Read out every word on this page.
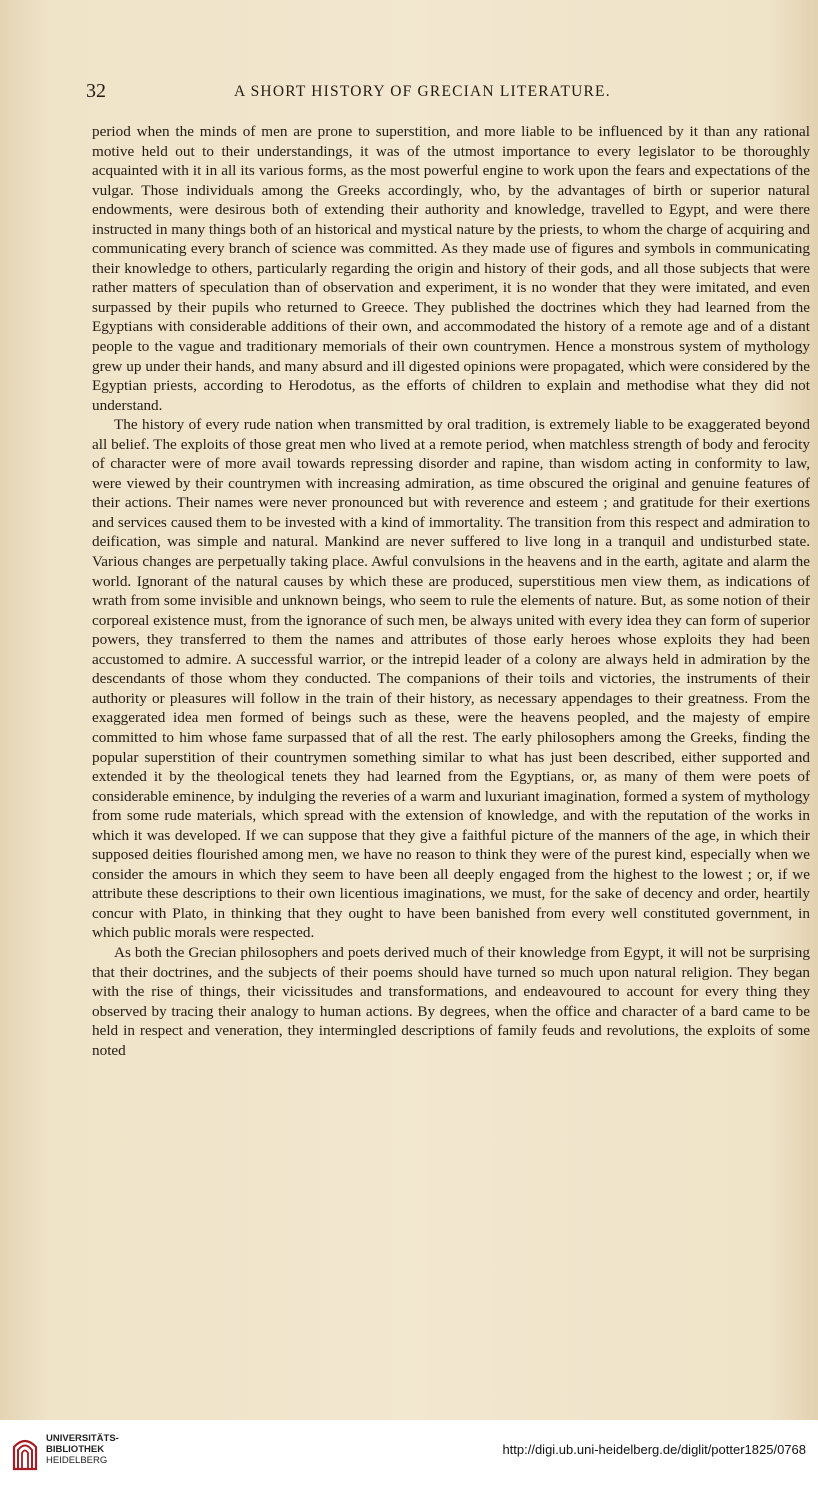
32	A SHORT HISTORY OF GRECIAN LITERATURE.

period when the minds of men are prone to superstition, and more liable to be influenced by it than any rational motive held out to their understandings, it was of the utmost importance to every legislator to be thoroughly acquainted with it in all its various forms, as the most powerful engine to work upon the fears and expectations of the vulgar. Those individuals among the Greeks accordingly, who, by the advantages of birth or superior natural endowments, were desirous both of extending their authority and knowledge, travelled to Egypt, and were there instructed in many things both of an historical and mystical nature by the priests, to whom the charge of acquiring and communicating every branch of science was committed. As they made use of figures and symbols in communicating their knowledge to others, particularly regarding the origin and history of their gods, and all those subjects that were rather matters of speculation than of observation and experiment, it is no wonder that they were imitated, and even surpassed by their pupils who returned to Greece. They published the doctrines which they had learned from the Egyptians with considerable additions of their own, and accommodated the history of a remote age and of a distant people to the vague and traditionary memorials of their own countrymen. Hence a monstrous system of mythology grew up under their hands, and many absurd and ill digested opinions were propagated, which were considered by the Egyptian priests, according to Herodotus, as the efforts of children to explain and methodise what they did not understand.

The history of every rude nation when transmitted by oral tradition, is extremely liable to be exaggerated beyond all belief. The exploits of those great men who lived at a remote period, when matchless strength of body and ferocity of character were of more avail towards repressing disorder and rapine, than wisdom acting in conformity to law, were viewed by their countrymen with increasing admiration, as time obscured the original and genuine features of their actions. Their names were never pronounced but with reverence and esteem ; and gratitude for their exertions and services caused them to be invested with a kind of immortality. The transition from this respect and admiration to deification, was simple and natural. Mankind are never suffered to live long in a tranquil and undisturbed state. Various changes are perpetually taking place. Awful convulsions in the heavens and in the earth, agitate and alarm the world. Ignorant of the natural causes by which these are produced, superstitious men view them, as indications of wrath from some invisible and unknown beings, who seem to rule the elements of nature. But, as some notion of their corporeal existence must, from the ignorance of such men, be always united with every idea they can form of superior powers, they transferred to them the names and attributes of those early heroes whose exploits they had been accustomed to admire. A successful warrior, or the intrepid leader of a colony are always held in admiration by the descendants of those whom they conducted. The companions of their toils and victories, the instruments of their authority or pleasures will follow in the train of their history, as necessary appendages to their greatness. From the exaggerated idea men formed of beings such as these, were the heavens peopled, and the majesty of empire committed to him whose fame surpassed that of all the rest. The early philosophers among the Greeks, finding the popular superstition of their countrymen something similar to what has just been described, either supported and extended it by the theological tenets they had learned from the Egyptians, or, as many of them were poets of considerable eminence, by indulging the reveries of a warm and luxuriant imagination, formed a system of mythology from some rude materials, which spread with the extension of knowledge, and with the reputation of the works in which it was developed. If we can suppose that they give a faithful picture of the manners of the age, in which their supposed deities flourished among men, we have no reason to think they were of the purest kind, especially when we consider the amours in which they seem to have been all deeply engaged from the highest to the lowest ; or, if we attribute these descriptions to their own licentious imaginations, we must, for the sake of decency and order, heartily concur with Plato, in thinking that they ought to have been banished from every well constituted government, in which public morals were respected.

As both the Grecian philosophers and poets derived much of their knowledge from Egypt, it will not be surprising that their doctrines, and the subjects of their poems should have turned so much upon natural religion. They began with the rise of things, their vicissitudes and transformations, and endeavoured to account for every thing they observed by tracing their analogy to human actions. By degrees, when the office and character of a bard came to be held in respect and veneration, they intermingled descriptions of family feuds and revolutions, the exploits of some noted

UNIVERSITÄTS-
BIBLIOTHEK
HEIDELBERG
http://digi.ub.uni-heidelberg.de/diglit/potter1825/0768
